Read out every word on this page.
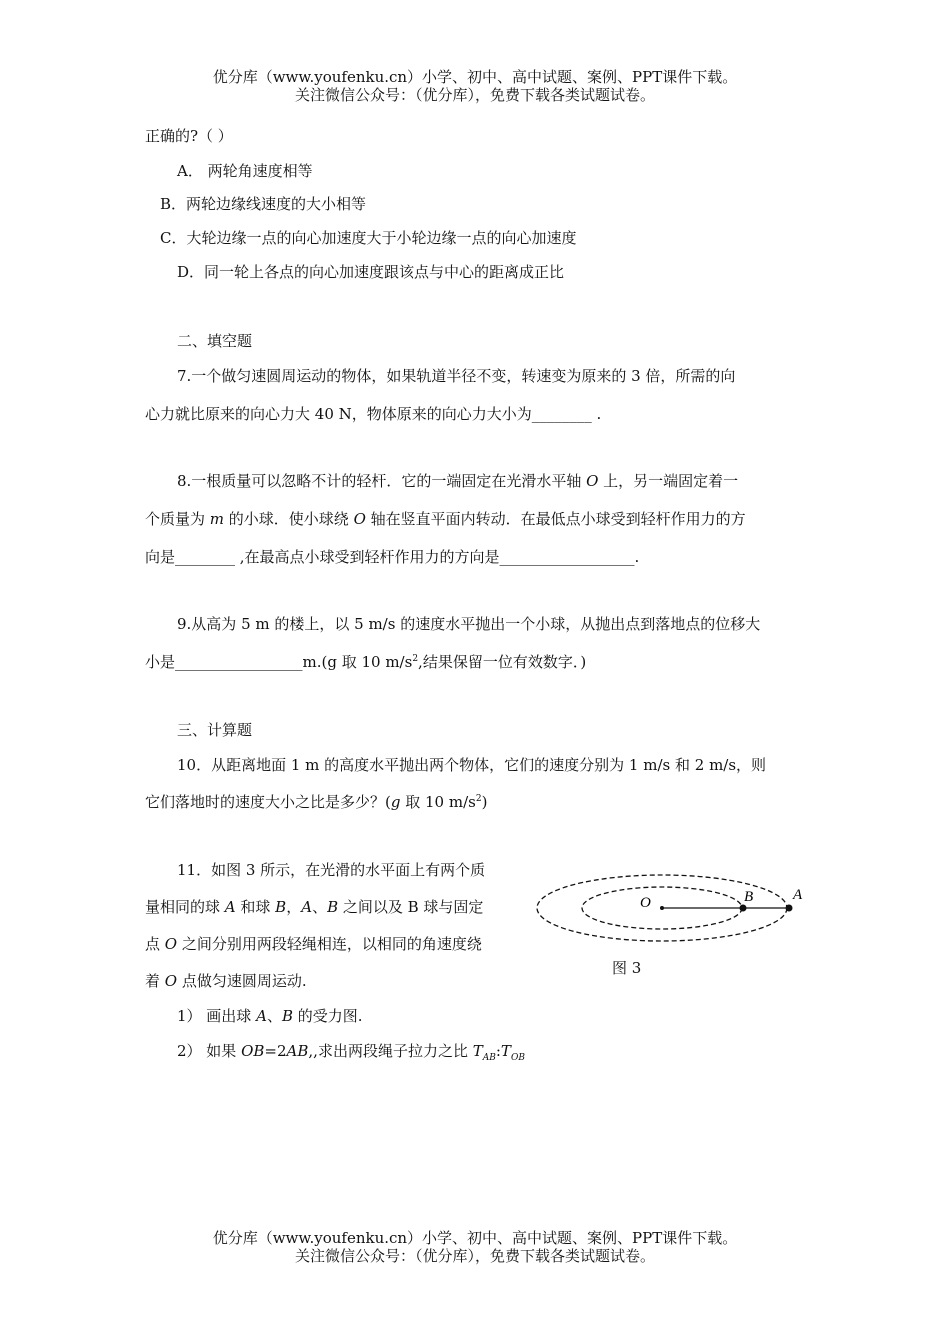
优分库（www.youfenku.cn）小学、初中、高中试题、案例、PPT课件下载。
关注微信公众号：（优分库），免费下载各类试题试卷。
正确的?（ ）
A． 两轮角速度相等
B．两轮边缘线速度的大小相等
C．大轮边缘一点的向心加速度大于小轮边缘一点的向心加速度
D．同一轮上各点的向心加速度跟该点与中心的距离成正比
二、填空题
7.一个做匀速圆周运动的物体，如果轨道半径不变，转速变为原来的 3 倍，所需的向
心力就比原来的向心力大 40 N，物体原来的向心力大小为________ .
8.一根质量可以忽略不计的轻杆．它的一端固定在光滑水平轴 O 上，另一端固定着一
个质量为 m 的小球．使小球绕 O 轴在竖直平面内转动．在最低点小球受到轻杆作用力的方
向是________ ,在最高点小球受到轻杆作用力的方向是__________________.
9.从高为 5 m 的楼上，以 5 m/s 的速度水平抛出一个小球，从抛出点到落地点的位移大
小是_________________m.(g 取 10 $m/s^2$,结果保留一位有效数字．)
三、计算题
10．从距离地面 1 m 的高度水平抛出两个物体，它们的速度分别为 1 m/s 和 2 m/s，则
它们落地时的速度大小之比是多少？(g 取 10 $m/s^2$)
11．如图 3 所示，在光滑的水平面上有两个质
量相同的球 A 和球 B，A、B 之间以及 B 球与固定
点 O 之间分别用两段轻绳相连，以相同的角速度绕
着 O 点做匀速圆周运动.
1） 画出球 A、B 的受力图.
2） 如果 OB=2AB,,求出两段绳子拉力之比 $T_{AB}:T_{OB}$
O	B	A
图 3
优分库（www.youfenku.cn）小学、初中、高中试题、案例、PPT课件下载。
关注微信公众号：（优分库），免费下载各类试题试卷。
